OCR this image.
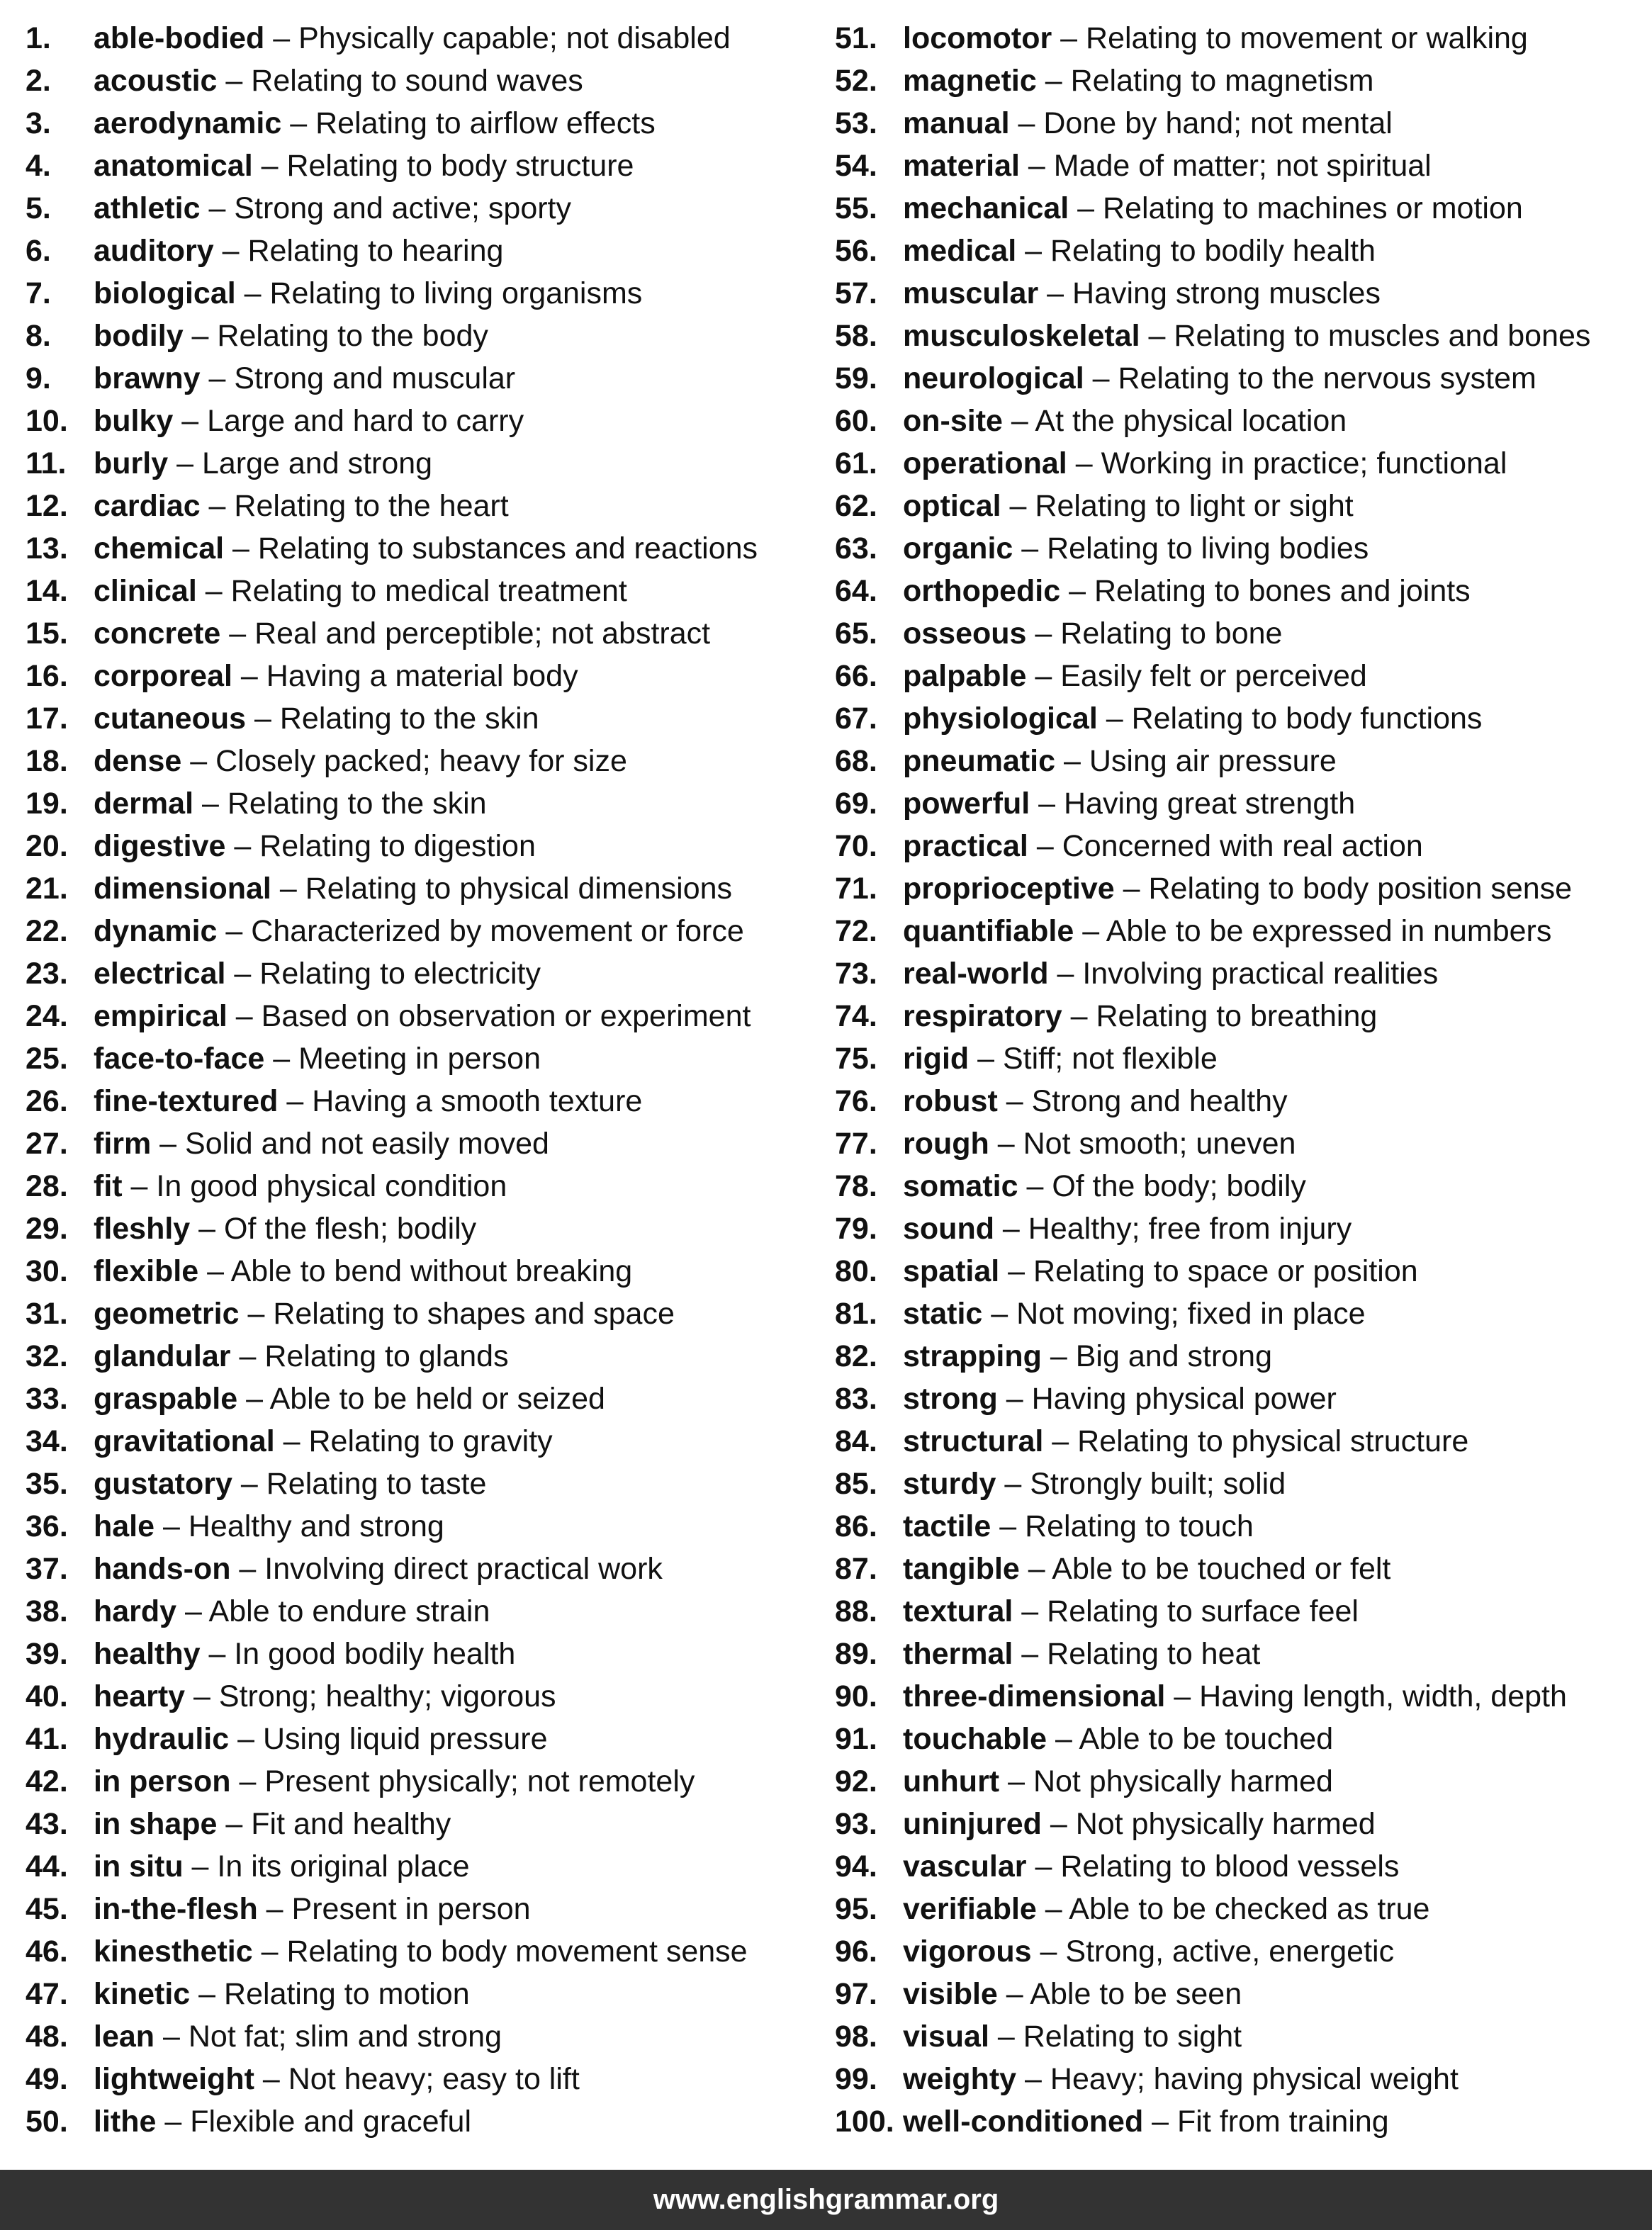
1. able-bodied – Physically capable; not disabled
2. acoustic – Relating to sound waves
3. aerodynamic – Relating to airflow effects
4. anatomical – Relating to body structure
5. athletic – Strong and active; sporty
6. auditory – Relating to hearing
7. biological – Relating to living organisms
8. bodily – Relating to the body
9. brawny – Strong and muscular
10. bulky – Large and hard to carry
11. burly – Large and strong
12. cardiac – Relating to the heart
13. chemical – Relating to substances and reactions
14. clinical – Relating to medical treatment
15. concrete – Real and perceptible; not abstract
16. corporeal – Having a material body
17. cutaneous – Relating to the skin
18. dense – Closely packed; heavy for size
19. dermal – Relating to the skin
20. digestive – Relating to digestion
21. dimensional – Relating to physical dimensions
22. dynamic – Characterized by movement or force
23. electrical – Relating to electricity
24. empirical – Based on observation or experiment
25. face-to-face – Meeting in person
26. fine-textured – Having a smooth texture
27. firm – Solid and not easily moved
28. fit – In good physical condition
29. fleshly – Of the flesh; bodily
30. flexible – Able to bend without breaking
31. geometric – Relating to shapes and space
32. glandular – Relating to glands
33. graspable – Able to be held or seized
34. gravitational – Relating to gravity
35. gustatory – Relating to taste
36. hale – Healthy and strong
37. hands-on – Involving direct practical work
38. hardy – Able to endure strain
39. healthy – In good bodily health
40. hearty – Strong; healthy; vigorous
41. hydraulic – Using liquid pressure
42. in person – Present physically; not remotely
43. in shape – Fit and healthy
44. in situ – In its original place
45. in-the-flesh – Present in person
46. kinesthetic – Relating to body movement sense
47. kinetic – Relating to motion
48. lean – Not fat; slim and strong
49. lightweight – Not heavy; easy to lift
50. lithe – Flexible and graceful
51. locomotor – Relating to movement or walking
52. magnetic – Relating to magnetism
53. manual – Done by hand; not mental
54. material – Made of matter; not spiritual
55. mechanical – Relating to machines or motion
56. medical – Relating to bodily health
57. muscular – Having strong muscles
58. musculoskeletal – Relating to muscles and bones
59. neurological – Relating to the nervous system
60. on-site – At the physical location
61. operational – Working in practice; functional
62. optical – Relating to light or sight
63. organic – Relating to living bodies
64. orthopedic – Relating to bones and joints
65. osseous – Relating to bone
66. palpable – Easily felt or perceived
67. physiological – Relating to body functions
68. pneumatic – Using air pressure
69. powerful – Having great strength
70. practical – Concerned with real action
71. proprioceptive – Relating to body position sense
72. quantifiable – Able to be expressed in numbers
73. real-world – Involving practical realities
74. respiratory – Relating to breathing
75. rigid – Stiff; not flexible
76. robust – Strong and healthy
77. rough – Not smooth; uneven
78. somatic – Of the body; bodily
79. sound – Healthy; free from injury
80. spatial – Relating to space or position
81. static – Not moving; fixed in place
82. strapping – Big and strong
83. strong – Having physical power
84. structural – Relating to physical structure
85. sturdy – Strongly built; solid
86. tactile – Relating to touch
87. tangible – Able to be touched or felt
88. textural – Relating to surface feel
89. thermal – Relating to heat
90. three-dimensional – Having length, width, depth
91. touchable – Able to be touched
92. unhurt – Not physically harmed
93. uninjured – Not physically harmed
94. vascular – Relating to blood vessels
95. verifiable – Able to be checked as true
96. vigorous – Strong, active, energetic
97. visible – Able to be seen
98. visual – Relating to sight
99. weighty – Heavy; having physical weight
100. well-conditioned – Fit from training
www.englishgrammar.org
